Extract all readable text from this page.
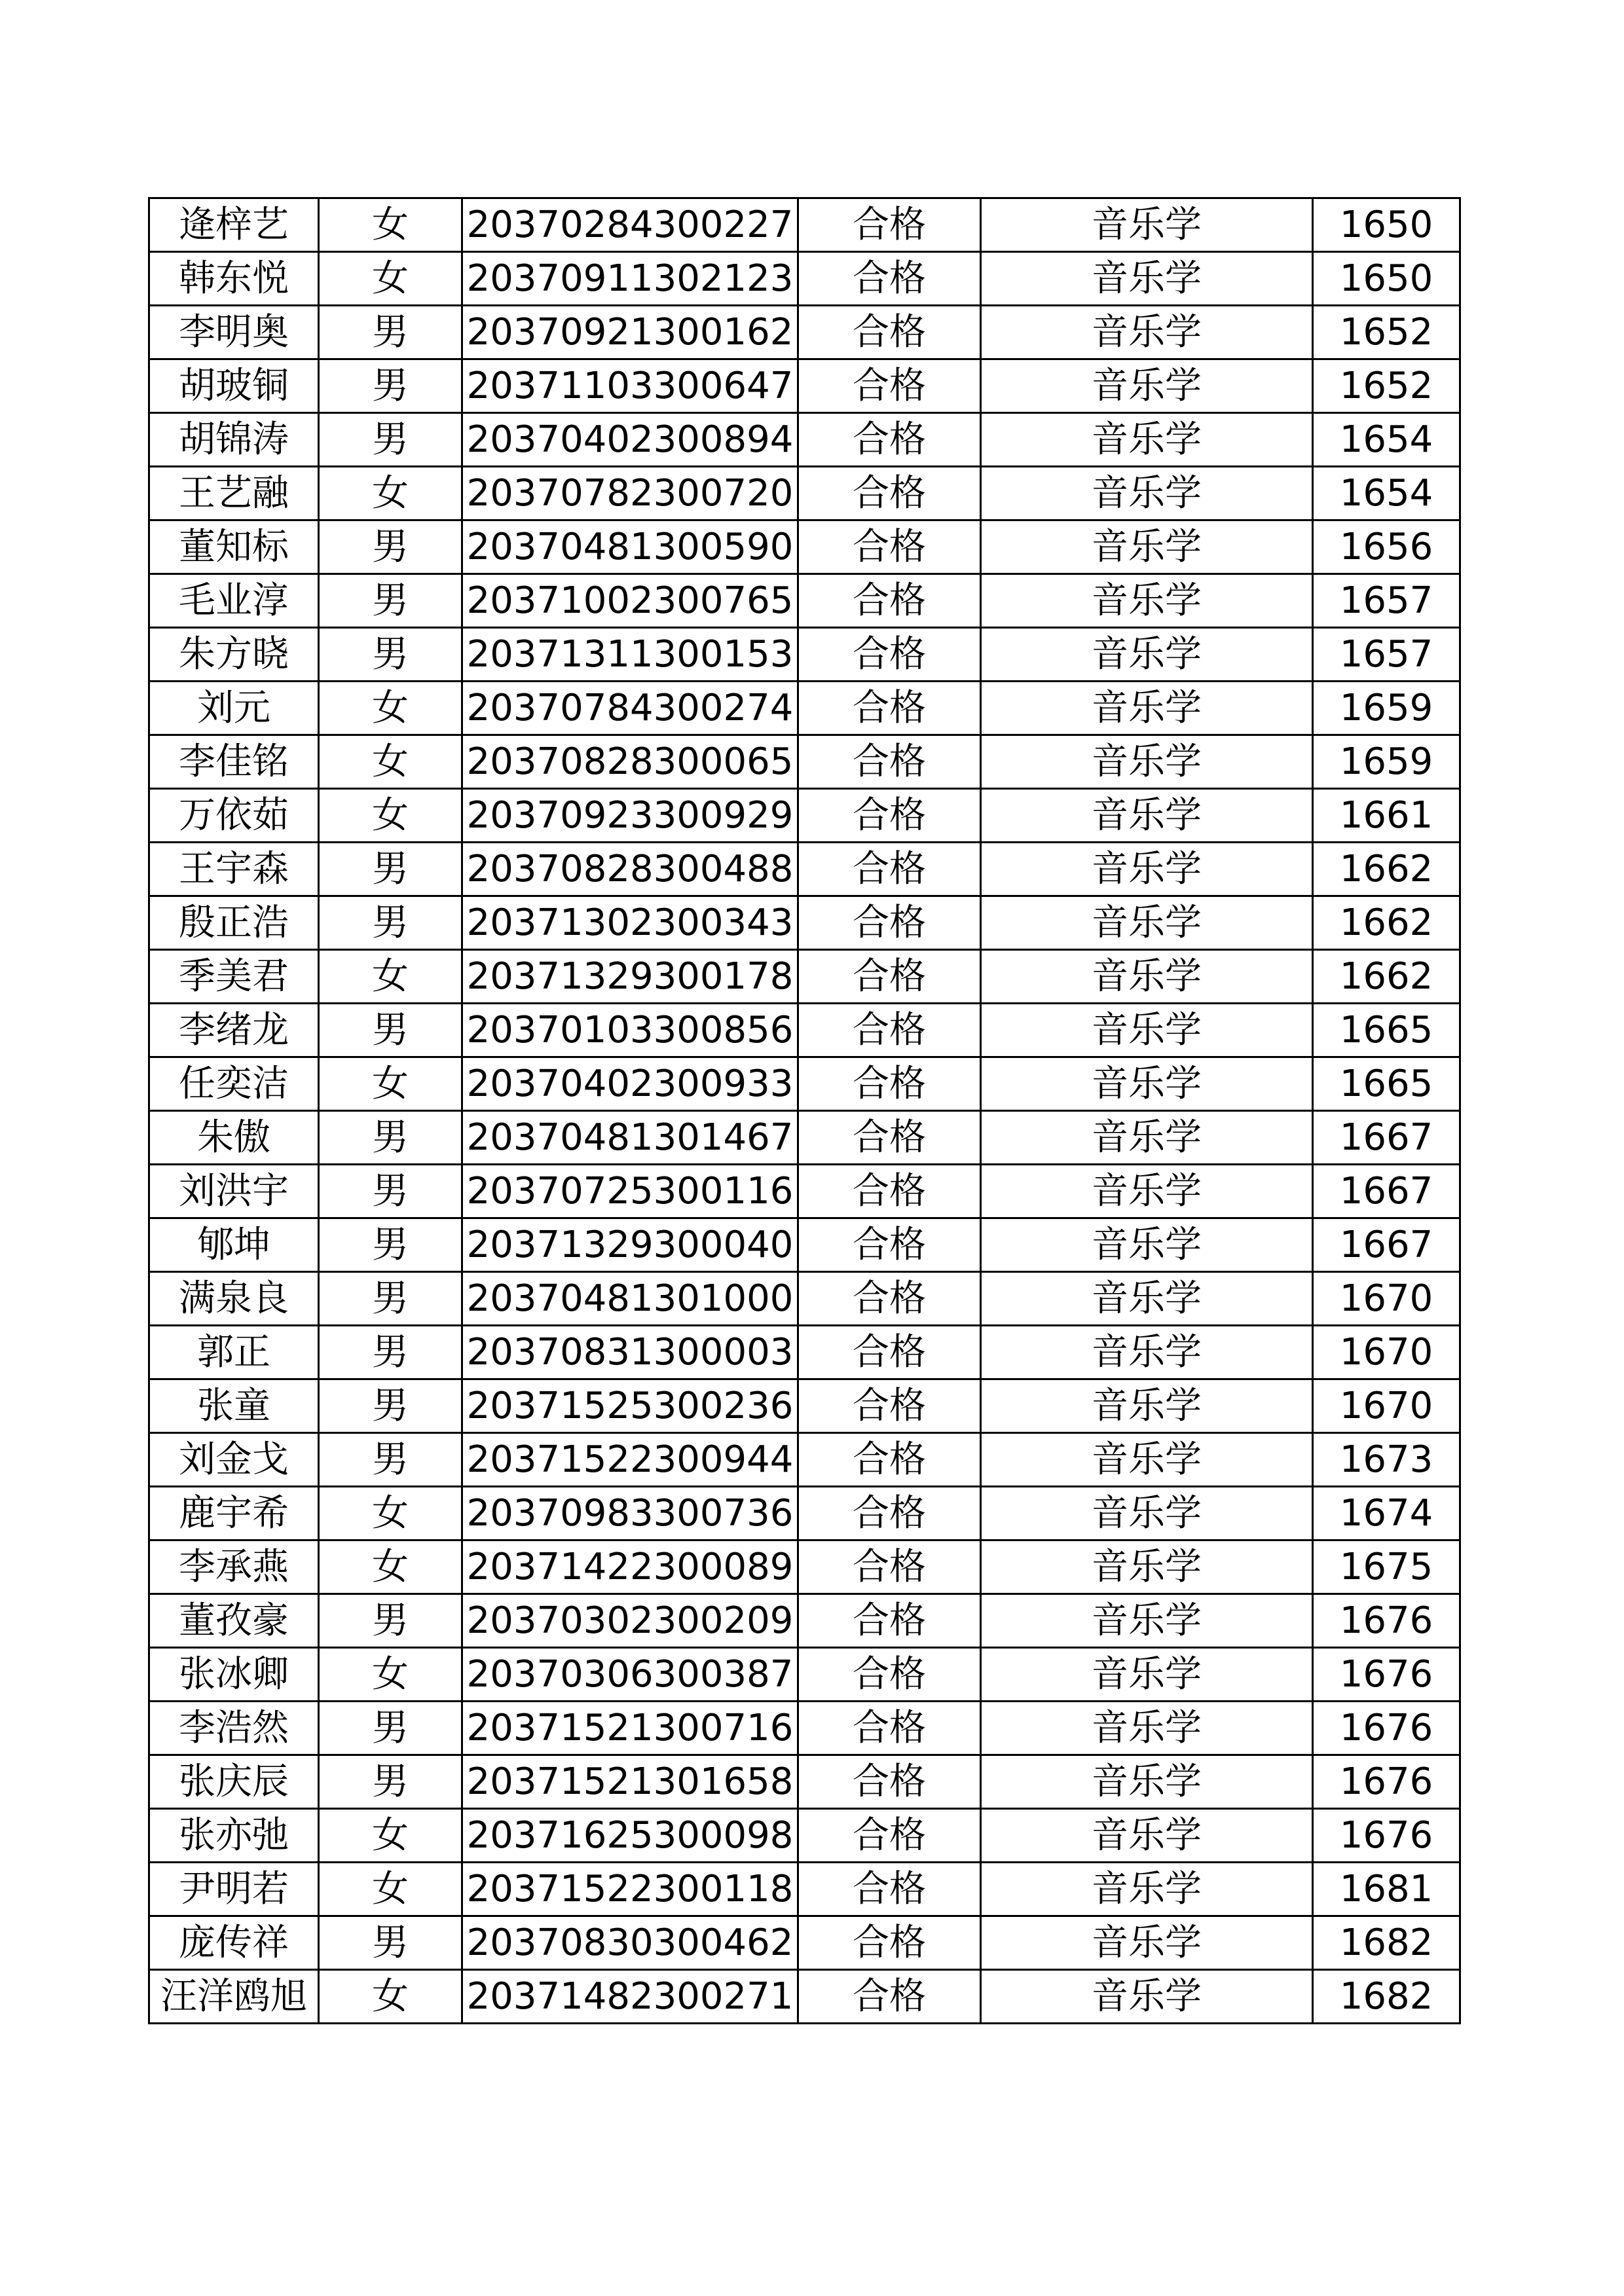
逄梓艺	女	20370284300227	合格	音乐学	1650
韩东悦	女	20370911302123	合格	音乐学	1650
李明奥	男	20370921300162	合格	音乐学	1652
胡玻铜	男	20371103300647	合格	音乐学	1652
胡锦涛	男	20370402300894	合格	音乐学	1654
王艺融	女	20370782300720	合格	音乐学	1654
董知标	男	20370481300590	合格	音乐学	1656
毛业淳	男	20371002300765	合格	音乐学	1657
朱方晓	男	20371311300153	合格	音乐学	1657
刘元	女	20370784300274	合格	音乐学	1659
李佳铭	女	20370828300065	合格	音乐学	1659
万依茹	女	20370923300929	合格	音乐学	1661
王宇森	男	20370828300488	合格	音乐学	1662
殷正浩	男	20371302300343	合格	音乐学	1662
季美君	女	20371329300178	合格	音乐学	1662
李绪龙	男	20370103300856	合格	音乐学	1665
任奕洁	女	20370402300933	合格	音乐学	1665
朱傲	男	20370481301467	合格	音乐学	1667
刘洪宇	男	20370725300116	合格	音乐学	1667
郇坤	男	20371329300040	合格	音乐学	1667
满泉良	男	20370481301000	合格	音乐学	1670
郭正	男	20370831300003	合格	音乐学	1670
张童	男	20371525300236	合格	音乐学	1670
刘金戈	男	20371522300944	合格	音乐学	1673
鹿宇希	女	20370983300736	合格	音乐学	1674
李承燕	女	20371422300089	合格	音乐学	1675
董孜豪	男	20370302300209	合格	音乐学	1676
张冰卿	女	20370306300387	合格	音乐学	1676
李浩然	男	20371521300716	合格	音乐学	1676
张庆辰	男	20371521301658	合格	音乐学	1676
张亦弛	女	20371625300098	合格	音乐学	1676
尹明若	女	20371522300118	合格	音乐学	1681
庞传祥	男	20370830300462	合格	音乐学	1682
汪洋鸥旭	女	20371482300271	合格	音乐学	1682
